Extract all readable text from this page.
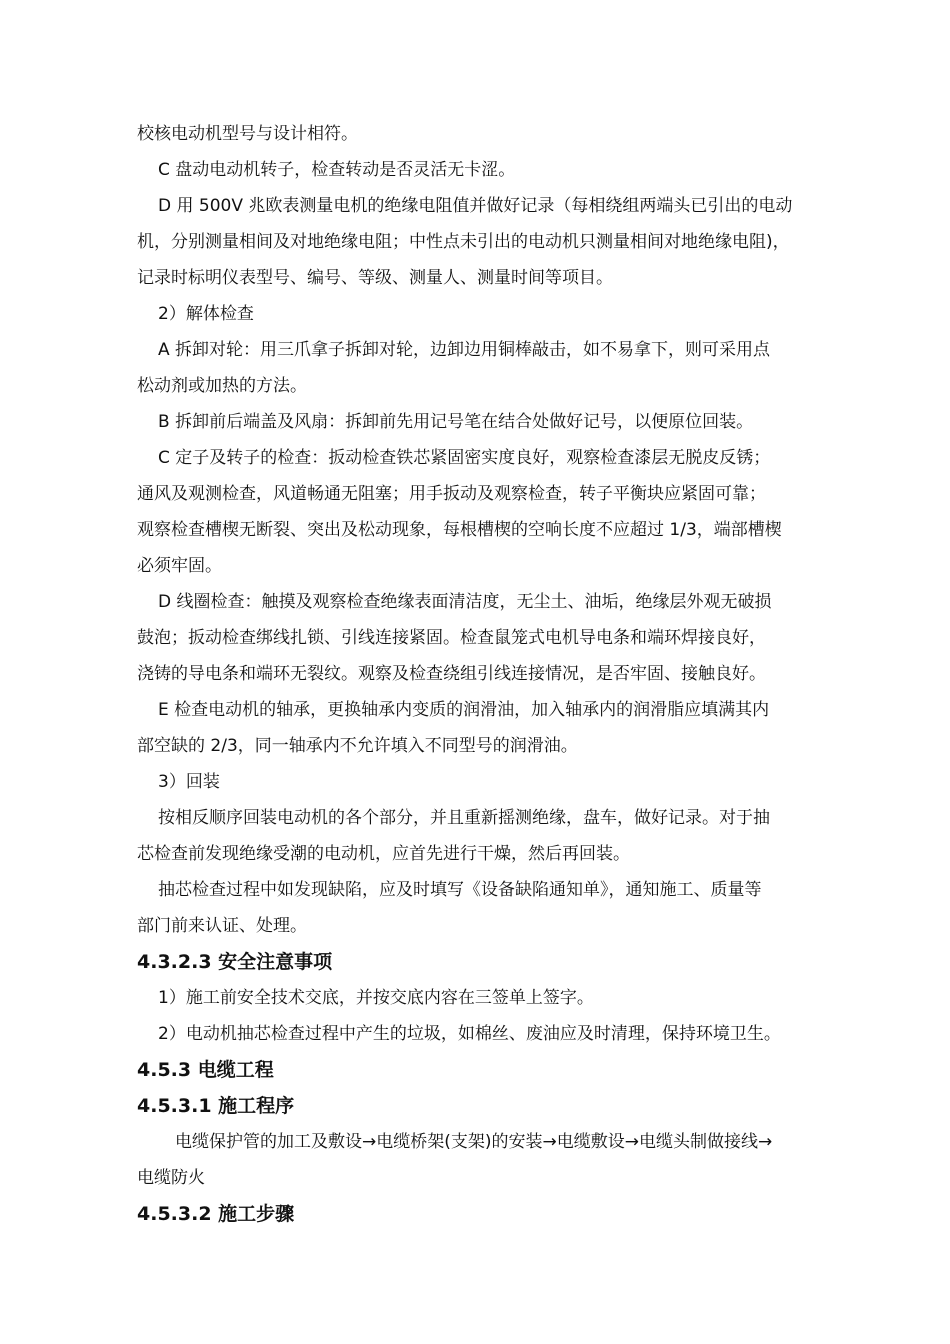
校核电动机型号与设计相符。

C 盘动电动机转子，检查转动是否灵活无卡涩。

D 用 500V 兆欧表测量电机的绝缘电阻值并做好记录（每相绕组两端头已引出的电动

机，分别测量相间及对地绝缘电阻；中性点未引出的电动机只测量相间对地绝缘电阻)，

记录时标明仪表型号、编号、等级、测量人、测量时间等项目。

2）解体检查

A 拆卸对轮：用三爪拿子拆卸对轮，边卸边用铜棒敲击，如不易拿下，则可采用点

松动剂或加热的方法。

B 拆卸前后端盖及风扇：拆卸前先用记号笔在结合处做好记号，以便原位回装。

C 定子及转子的检查：扳动检查铁芯紧固密实度良好，观察检查漆层无脱皮反锈；

通风及观测检查，风道畅通无阻塞；用手扳动及观察检查，转子平衡块应紧固可靠；

观察检查槽楔无断裂、突出及松动现象，每根槽楔的空响长度不应超过 1/3，端部槽楔

必须牢固。

D 线圈检查：触摸及观察检查绝缘表面清洁度，无尘土、油垢，绝缘层外观无破损

鼓泡；扳动检查绑线扎锁、引线连接紧固。检查鼠笼式电机导电条和端环焊接良好，

浇铸的导电条和端环无裂纹。观察及检查绕组引线连接情况，是否牢固、接触良好。

E 检查电动机的轴承，更换轴承内变质的润滑油，加入轴承内的润滑脂应填满其内

部空缺的 2/3，同一轴承内不允许填入不同型号的润滑油。

3）回装

按相反顺序回装电动机的各个部分，并且重新摇测绝缘，盘车，做好记录。对于抽

芯检查前发现绝缘受潮的电动机，应首先进行干燥，然后再回装。

抽芯检查过程中如发现缺陷，应及时填写《设备缺陷通知单》，通知施工、质量等

部门前来认证、处理。

4.3.2.3 安全注意事项

1）施工前安全技术交底，并按交底内容在三签单上签字。

2）电动机抽芯检查过程中产生的垃圾，如棉丝、废油应及时清理，保持环境卫生。

4.5.3 电缆工程

4.5.3.1 施工程序

电缆保护管的加工及敷设→电缆桥架(支架)的安装→电缆敷设→电缆头制做接线→

电缆防火

4.5.3.2 施工步骤
